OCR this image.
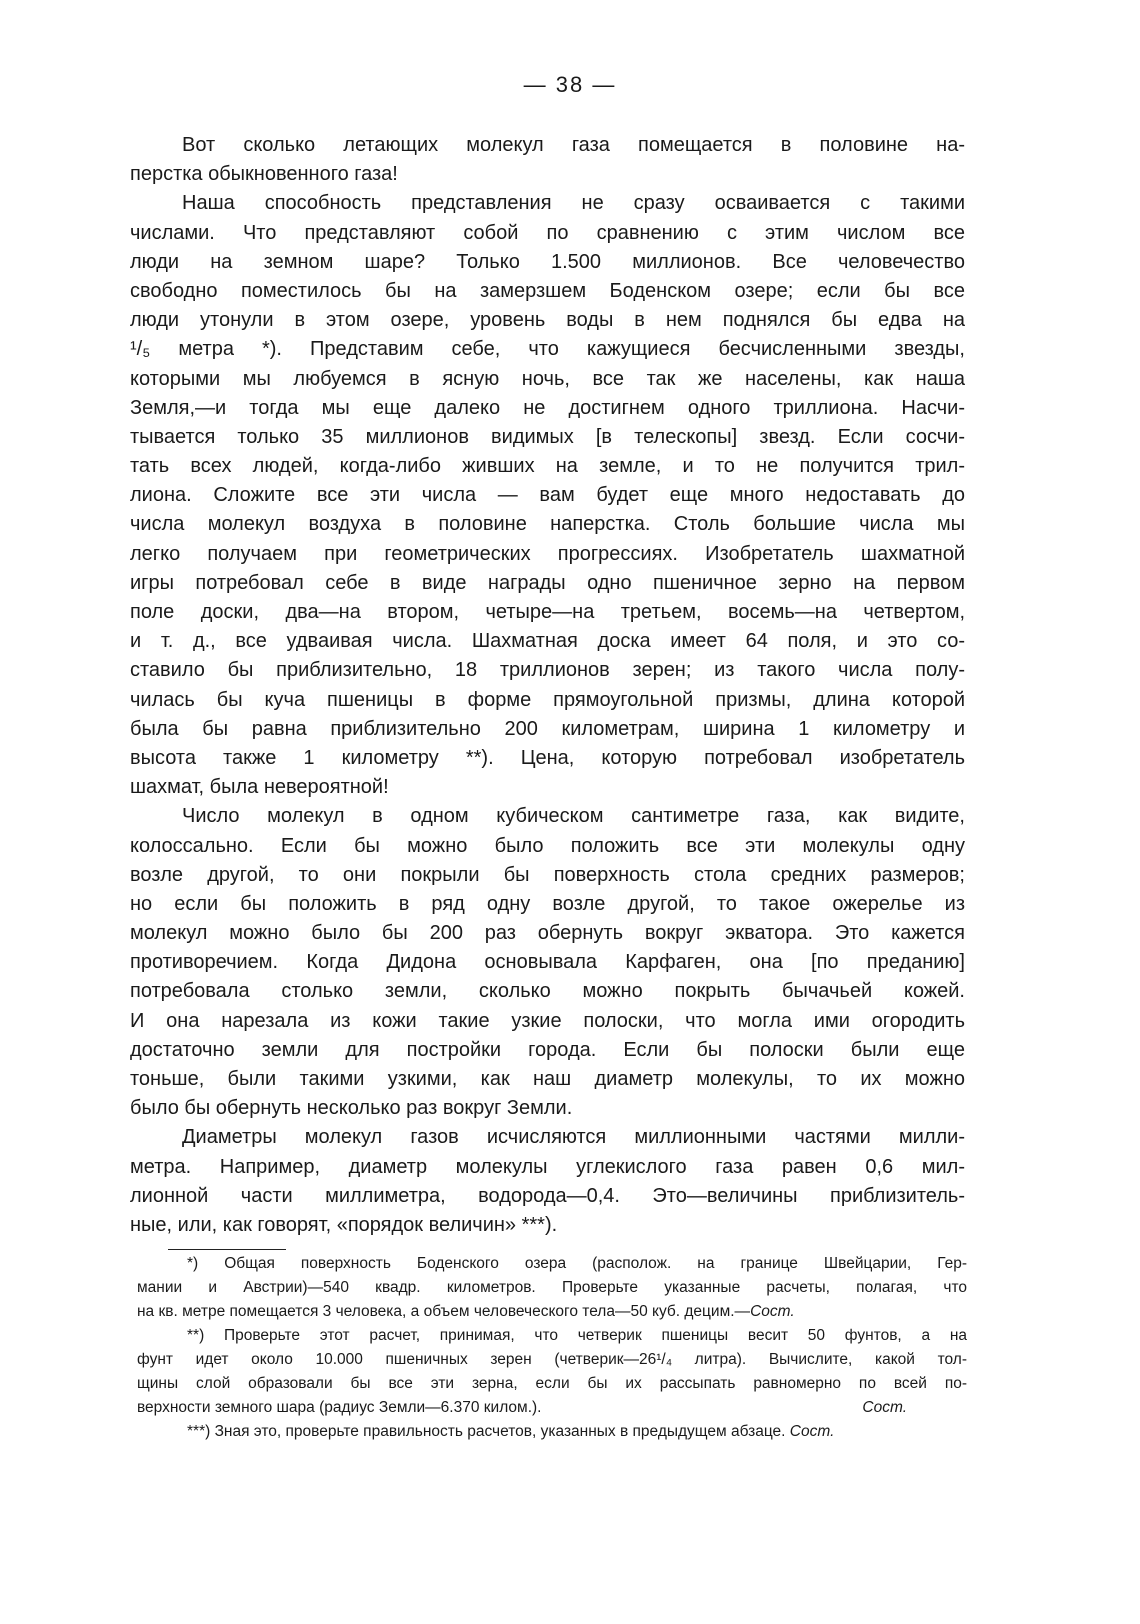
— 38 —
Вот сколько летающих молекул газа помещается в половине на-
перстка обыкновенного газа!
Наша способность представления не сразу осваивается с такими
числами. Что представляют собой по сравнению с этим числом все
люди на земном шаре? Только 1.500 миллионов. Все человечество
свободно поместилось бы на замерзшем Боденском озере; если бы все
люди утонули в этом озере, уровень воды в нем поднялся бы едва на
¹/₅ метра *). Представим себе, что кажущиеся бесчисленными звезды,
которыми мы любуемся в ясную ночь, все так же населены, как наша
Земля,—и тогда мы еще далеко не достигнем одного триллиона. Насчи-
тывается только 35 миллионов видимых [в телескопы] звезд. Если сосчи-
тать всех людей, когда-либо живших на земле, и то не получится трил-
лиона. Сложите все эти числа — вам будет еще много недоставать до
числа молекул воздуха в половине наперстка. Столь большие числа мы
легко получаем при геометрических прогрессиях. Изобретатель шахматной
игры потребовал себе в виде награды одно пшеничное зерно на первом
поле доски, два—на втором, четыре—на третьем, восемь—на четвертом,
и т. д., все удваивая числа. Шахматная доска имеет 64 поля, и это со-
ставило бы приблизительно, 18 триллионов зерен; из такого числа полу-
чилась бы куча пшеницы в форме прямоугольной призмы, длина которой
была бы равна приблизительно 200 километрам, ширина 1 километру и
высота также 1 километру **). Цена, которую потребовал изобретатель
шахмат, была невероятной!
Число молекул в одном кубическом сантиметре газа, как видите,
колоссально. Если бы можно было положить все эти молекулы одну
возле другой, то они покрыли бы поверхность стола средних размеров;
но если бы положить в ряд одну возле другой, то такое ожерелье из
молекул можно было бы 200 раз обернуть вокруг экватора. Это кажется
противоречием. Когда Дидона основывала Карфаген, она [по преданию]
потребовала столько земли, сколько можно покрыть бычачьей кожей.
И она нарезала из кожи такие узкие полоски, что могла ими огородить
достаточно земли для постройки города. Если бы полоски были еще
тоньше, были такими узкими, как наш диаметр молекулы, то их можно
было бы обернуть несколько раз вокруг Земли.
Диаметры молекул газов исчисляются миллионными частями милли-
метра. Например, диаметр молекулы углекислого газа равен 0,6 мил-
лионной части миллиметра, водорода—0,4. Это—величины приблизитель-
ные, или, как говорят, «порядок величин» ***).
*) Общая поверхность Боденского озера (располож. на границе Швейцарии, Гер-
мании и Австрии)—540 квадр. километров. Проверьте указанные расчеты, полагая, что
на кв. метре помещается 3 человека, а объем человеческого тела—50 куб. децим.—Сост.
**) Проверьте этот расчет, принимая, что четверик пшеницы весит 50 фунтов, а на
фунт идет около 10.000 пшеничных зерен (четверик—26¹/₄ литра). Вычислите, какой тол-
щины слой образовали бы все эти зерна, если бы их рассыпать равномерно по всей по-
верхности земного шара (радиус Земли—6.370 килом.).	Сост.
***) Зная это, проверьте правильность расчетов, указанных в предыдущем абзаце. Сост.
